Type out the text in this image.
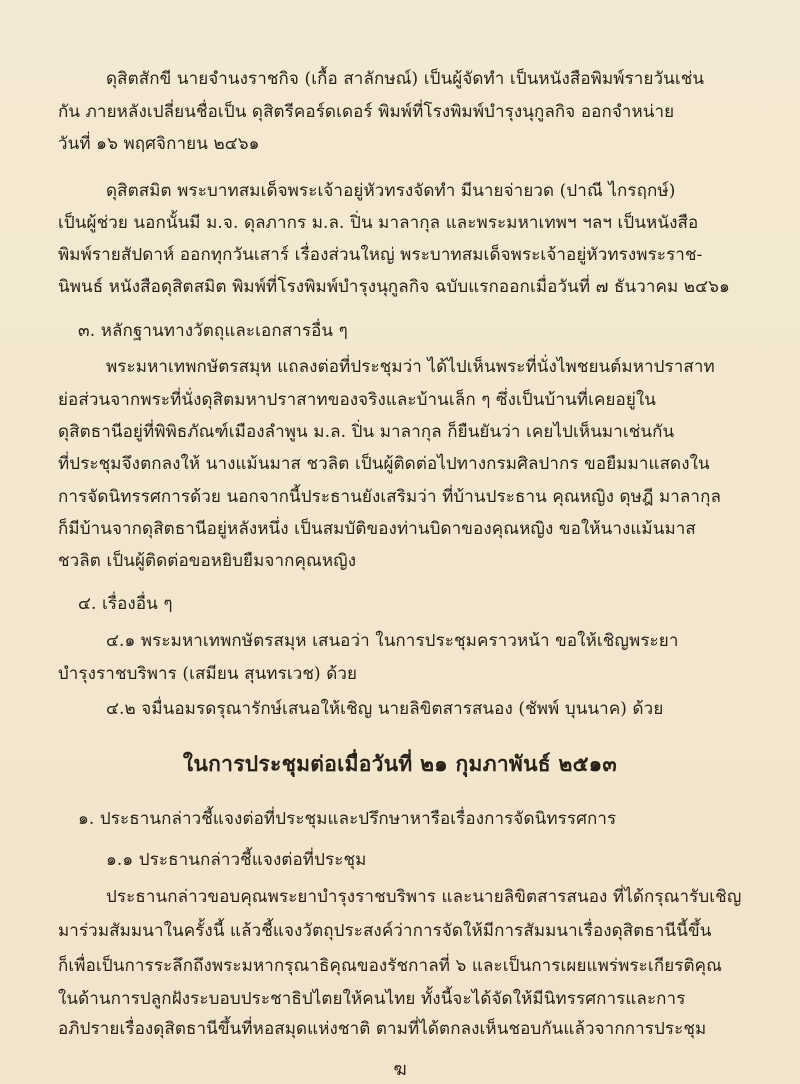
ดุสิตสักขี นายจำนงราชกิจ (เกื้อ สาลักษณ์) เป็นผู้จัดทำ เป็นหนังสือพิมพ์รายวันเช่น
กัน ภายหลังเปลี่ยนชื่อเป็น ดุสิตรีคอร์ดเดอร์ พิมพ์ที่โรงพิมพ์บำรุงนุกูลกิจ ออกจำหน่าย
วันที่ ๑๖ พฤศจิกายน ๒๔๖๑
ดุสิตสมิต พระบาทสมเด็จพระเจ้าอยู่หัวทรงจัดทำ มีนายจ่ายวด (ปาณี ไกรฤกษ์)
เป็นผู้ช่วย นอกนั้นมี ม.จ. ดุลภากร ม.ล. ปิ่น มาลากุล และพระมหาเทพฯ ฯลฯ เป็นหนังสือ
พิมพ์รายสัปดาห์ ออกทุกวันเสาร์ เรื่องส่วนใหญ่ พระบาทสมเด็จพระเจ้าอยู่หัวทรงพระราช-
นิพนธ์ หนังสือดุสิตสมิต พิมพ์ที่โรงพิมพ์บำรุงนุกูลกิจ ฉบับแรกออกเมื่อวันที่ ๗ ธันวาคม ๒๔๖๑
๓. หลักฐานทางวัตถุและเอกสารอื่น ๆ
พระมหาเทพกษัตรสมุห แถลงต่อที่ประชุมว่า ได้ไปเห็นพระที่นั่งไพชยนต์มหาปราสาท
ย่อส่วนจากพระที่นั่งดุสิตมหาปราสาทของจริงและบ้านเล็ก ๆ ซึ่งเป็นบ้านที่เคยอยู่ใน
ดุสิตธานีอยู่ที่พิพิธภัณฑ์เมืองลำพูน ม.ล. ปิ่น มาลากุล ก็ยืนยันว่า เคยไปเห็นมาเช่นกัน
ที่ประชุมจึงตกลงให้ นางแม้นมาส ชวลิต เป็นผู้ติดต่อไปทางกรมศิลปากร ขอยืมมาแสดงใน
การจัดนิทรรศการด้วย นอกจากนี้ประธานยังเสริมว่า ที่บ้านประธาน คุณหญิง ดุษฎี มาลากุล
ก็มีบ้านจากดุสิตธานีอยู่หลังหนึ่ง เป็นสมบัติของท่านบิดาของคุณหญิง ขอให้นางแม้นมาส
ชวลิต เป็นผู้ติดต่อขอหยิบยืมจากคุณหญิง
๔. เรื่องอื่น ๆ
๔.๑ พระมหาเทพกษัตรสมุห เสนอว่า ในการประชุมคราวหน้า ขอให้เชิญพระยา
บำรุงราชบริพาร (เสมียน สุนทรเวช) ด้วย
๔.๒ จมื่นอมรดรุณารักษ์เสนอให้เชิญ นายลิขิตสารสนอง (ชัพพ์ บุนนาค) ด้วย
ในการประชุมต่อเมื่อวันที่ ๒๑ กุมภาพันธ์ ๒๕๑๓
๑. ประธานกล่าวชี้แจงต่อที่ประชุมและปรึกษาหารือเรื่องการจัดนิทรรศการ
๑.๑ ประธานกล่าวชี้แจงต่อที่ประชุม
ประธานกล่าวขอบคุณพระยาบำรุงราชบริพาร และนายลิขิตสารสนอง ที่ได้กรุณารับเชิญ
มาร่วมสัมมนาในครั้งนี้ แล้วชี้แจงวัตถุประสงค์ว่าการจัดให้มีการสัมมนาเรื่องดุสิตธานีนี้ขึ้น
ก็เพื่อเป็นการระลึกถึงพระมหากรุณาธิคุณของรัชกาลที่ ๖ และเป็นการเผยแพร่พระเกียรติคุณ
ในด้านการปลูกฝังระบอบประชาธิปไตยให้คนไทย ทั้งนี้จะได้จัดให้มีนิทรรศการและการ
อภิปรายเรื่องดุสิตธานีขึ้นที่หอสมุดแห่งชาติ ตามที่ได้ตกลงเห็นชอบกันแล้วจากการประชุม
ฆ
